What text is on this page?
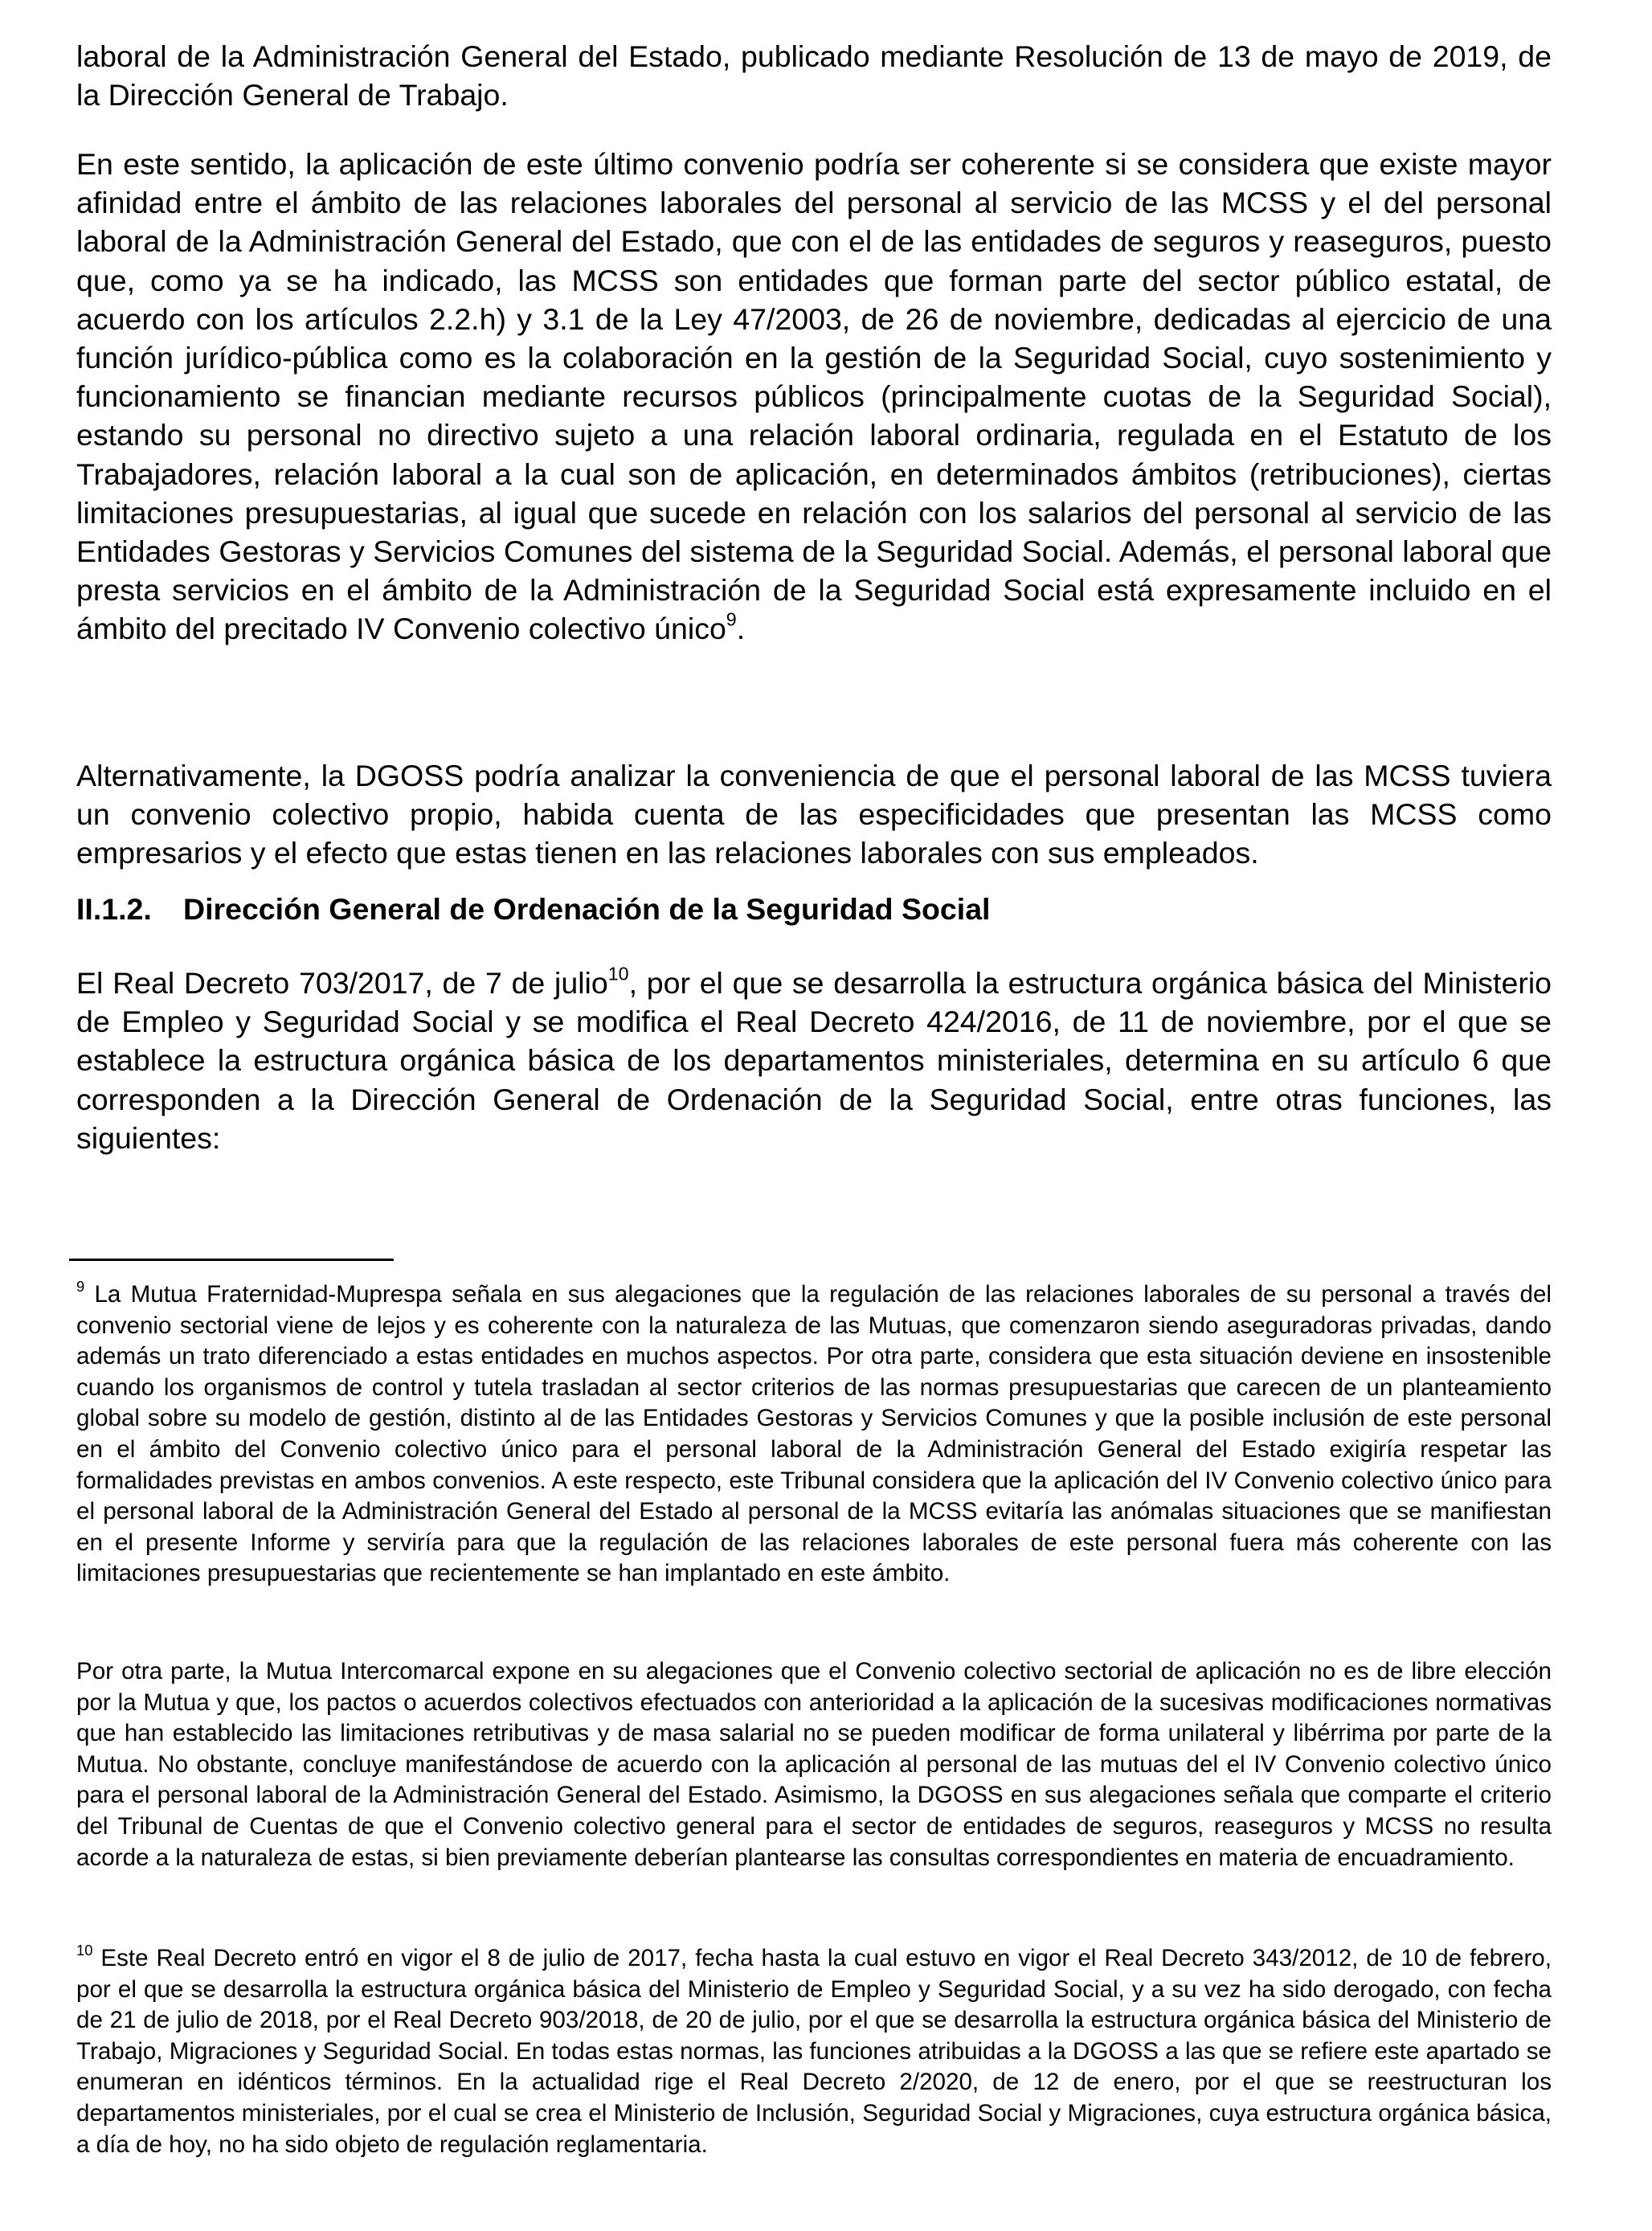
laboral de la Administración General del Estado, publicado mediante Resolución de 13 de mayo de 2019, de la Dirección General de Trabajo.

En este sentido, la aplicación de este último convenio podría ser coherente si se considera que existe mayor afinidad entre el ámbito de las relaciones laborales del personal al servicio de las MCSS y el del personal laboral de la Administración General del Estado, que con el de las entidades de seguros y reaseguros, puesto que, como ya se ha indicado, las MCSS son entidades que forman parte del sector público estatal, de acuerdo con los artículos 2.2.h) y 3.1 de la Ley 47/2003, de 26 de noviembre, dedicadas al ejercicio de una función jurídico-pública como es la colaboración en la gestión de la Seguridad Social, cuyo sostenimiento y funcionamiento se financian mediante recursos públicos (principalmente cuotas de la Seguridad Social), estando su personal no directivo sujeto a una relación laboral ordinaria, regulada en el Estatuto de los Trabajadores, relación laboral a la cual son de aplicación, en determinados ámbitos (retribuciones), ciertas limitaciones presupuestarias, al igual que sucede en relación con los salarios del personal al servicio de las Entidades Gestoras y Servicios Comunes del sistema de la Seguridad Social. Además, el personal laboral que presta servicios en el ámbito de la Administración de la Seguridad Social está expresamente incluido en el ámbito del precitado IV Convenio colectivo único$^9$.

Alternativamente, la DGOSS podría analizar la conveniencia de que el personal laboral de las MCSS tuviera un convenio colectivo propio, habida cuenta de las especificidades que presentan las MCSS como empresarios y el efecto que estas tienen en las relaciones laborales con sus empleados.

II.1.2. Dirección General de Ordenación de la Seguridad Social

El Real Decreto 703/2017, de 7 de julio$^{10}$, por el que se desarrolla la estructura orgánica básica del Ministerio de Empleo y Seguridad Social y se modifica el Real Decreto 424/2016, de 11 de noviembre, por el que se establece la estructura orgánica básica de los departamentos ministeriales, determina en su artículo 6 que corresponden a la Dirección General de Ordenación de la Seguridad Social, entre otras funciones, las siguientes:

$^9$ La Mutua Fraternidad-Muprespa señala en sus alegaciones que la regulación de las relaciones laborales de su personal a través del convenio sectorial viene de lejos y es coherente con la naturaleza de las Mutuas, que comenzaron siendo aseguradoras privadas, dando además un trato diferenciado a estas entidades en muchos aspectos. Por otra parte, considera que esta situación deviene en insostenible cuando los organismos de control y tutela trasladan al sector criterios de las normas presupuestarias que carecen de un planteamiento global sobre su modelo de gestión, distinto al de las Entidades Gestoras y Servicios Comunes y que la posible inclusión de este personal en el ámbito del Convenio colectivo único para el personal laboral de la Administración General del Estado exigiría respetar las formalidades previstas en ambos convenios. A este respecto, este Tribunal considera que la aplicación del IV Convenio colectivo único para el personal laboral de la Administración General del Estado al personal de la MCSS evitaría las anómalas situaciones que se manifiestan en el presente Informe y serviría para que la regulación de las relaciones laborales de este personal fuera más coherente con las limitaciones presupuestarias que recientemente se han implantado en este ámbito.

Por otra parte, la Mutua Intercomarcal expone en su alegaciones que el Convenio colectivo sectorial de aplicación no es de libre elección por la Mutua y que, los pactos o acuerdos colectivos efectuados con anterioridad a la aplicación de la sucesivas modificaciones normativas que han establecido las limitaciones retributivas y de masa salarial no se pueden modificar de forma unilateral y libérrima por parte de la Mutua. No obstante, concluye manifestándose de acuerdo con la aplicación al personal de las mutuas del el IV Convenio colectivo único para el personal laboral de la Administración General del Estado. Asimismo, la DGOSS en sus alegaciones señala que comparte el criterio del Tribunal de Cuentas de que el Convenio colectivo general para el sector de entidades de seguros, reaseguros y MCSS no resulta acorde a la naturaleza de estas, si bien previamente deberían plantearse las consultas correspondientes en materia de encuadramiento.

$^{10}$ Este Real Decreto entró en vigor el 8 de julio de 2017, fecha hasta la cual estuvo en vigor el Real Decreto 343/2012, de 10 de febrero, por el que se desarrolla la estructura orgánica básica del Ministerio de Empleo y Seguridad Social, y a su vez ha sido derogado, con fecha de 21 de julio de 2018, por el Real Decreto 903/2018, de 20 de julio, por el que se desarrolla la estructura orgánica básica del Ministerio de Trabajo, Migraciones y Seguridad Social. En todas estas normas, las funciones atribuidas a la DGOSS a las que se refiere este apartado se enumeran en idénticos términos. En la actualidad rige el Real Decreto 2/2020, de 12 de enero, por el que se reestructuran los departamentos ministeriales, por el cual se crea el Ministerio de Inclusión, Seguridad Social y Migraciones, cuya estructura orgánica básica, a día de hoy, no ha sido objeto de regulación reglamentaria.
